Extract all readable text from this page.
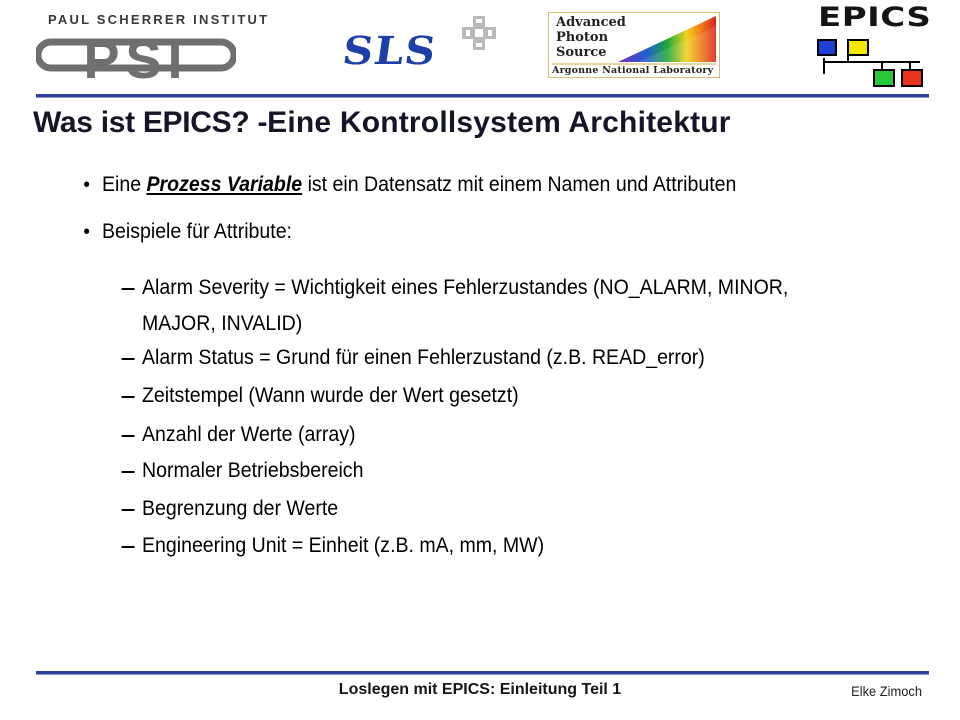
PAUL SCHERRER INSTITUT
PSI	SLS
Advanced
Photon
Source
Argonne National Laboratory
EPICS
Was ist EPICS? -Eine Kontrollsystem Architektur
• Eine Prozess Variable ist ein Datensatz mit einem Namen und Attributen
• Beispiele für Attribute:
Alarm Severity = Wichtigkeit eines Fehlerzustandes (NO_ALARM, MINOR,
MAJOR, INVALID)
Alarm Status = Grund für einen Fehlerzustand (z.B. READ_error)
Zeitstempel (Wann wurde der Wert gesetzt)
Anzahl der Werte (array)
Normaler Betriebsbereich
Begrenzung der Werte
Engineering Unit = Einheit (z.B. mA, mm, MW)
Loslegen mit EPICS: Einleitung Teil 1	Elke Zimoch
